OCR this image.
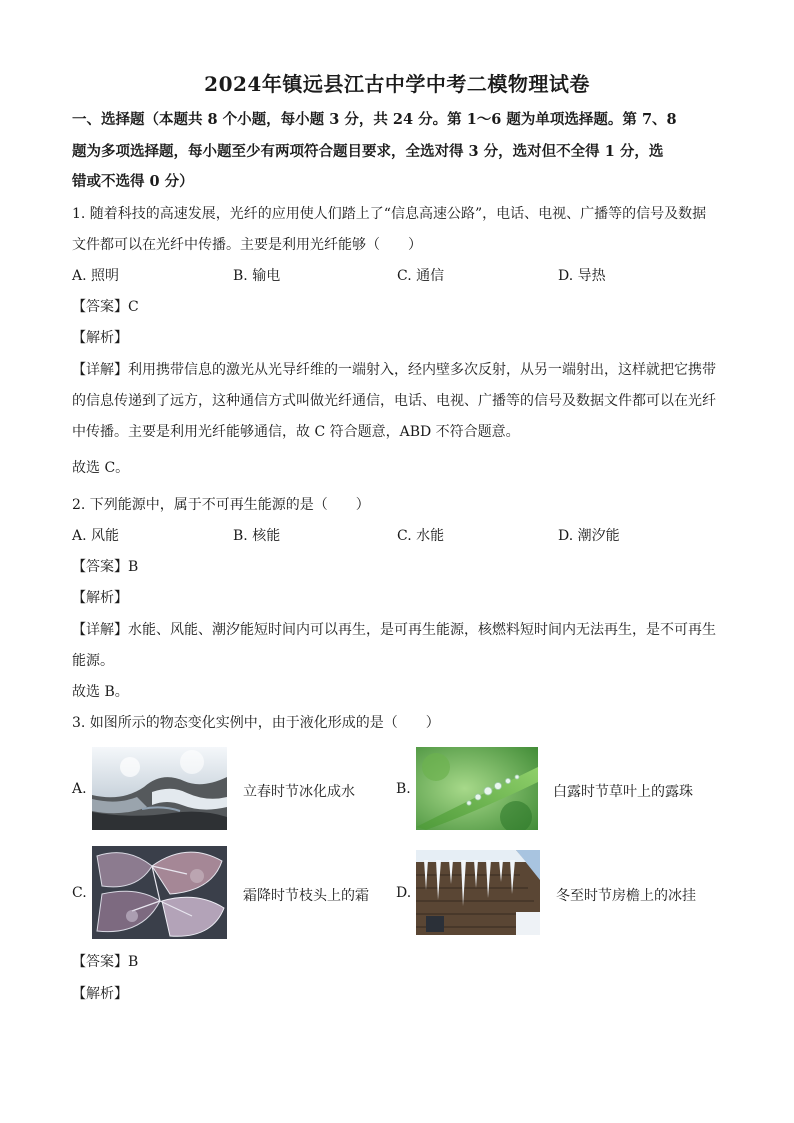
2024年镇远县江古中学中考二模物理试卷
一、选择题（本题共 8 个小题，每小题 3 分，共 24 分。第 1～6 题为单项选择题。第 7、8
题为多项选择题，每小题至少有两项符合题目要求，全选对得 3 分，选对但不全得 1 分，选
错或不选得 0 分）
1. 随着科技的高速发展，光纤的应用使人们踏上了“信息高速公路”，电话、电视、广播等的信号及数据
文件都可以在光纤中传播。主要是利用光纤能够（　　）
A. 照明	B. 输电	C. 通信	D. 导热
【答案】C
【解析】
【详解】利用携带信息的激光从光导纤维的一端射入，经内壁多次反射，从另一端射出，这样就把它携带
的信息传递到了远方，这种通信方式叫做光纤通信，电话、电视、广播等的信号及数据文件都可以在光纤
中传播。主要是利用光纤能够通信，故 C 符合题意，ABD 不符合题意。
故选 C。
2. 下列能源中，属于不可再生能源的是（　　）
A. 风能	B. 核能	C. 水能	D. 潮汐能
【答案】B
【解析】
【详解】水能、风能、潮汐能短时间内可以再生，是可再生能源，核燃料短时间内无法再生，是不可再生
能源。
故选 B。
3. 如图所示的物态变化实例中，由于液化形成的是（　　）
A.	立春时节冰化成水	B.	白露时节草叶上的露珠
C.	霜降时节枝头上的霜 D.	冬至时节房檐上的冰挂
【答案】B
【解析】
